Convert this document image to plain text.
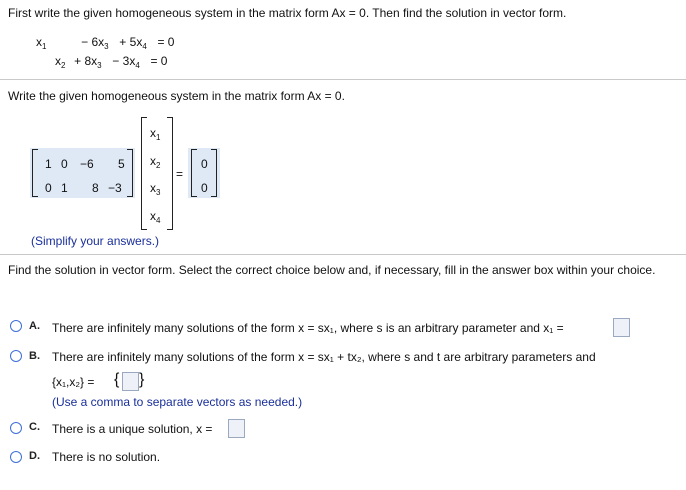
First write the given homogeneous system in the matrix form Ax = 0. Then find the solution in vector form.
$x_1$	− $6x_3 + 5x_4 = 0$
$x_2 + 8x_3 - 3x_4 = 0$
Write the given homogeneous system in the matrix form Ax = 0.
1 0 −6 5
0 1 8 −3
$x_1$
$x_2$
$x_3$
$x_4$
=
0
0
(Simplify your answers.)
Find the solution in vector form. Select the correct choice below and, if necessary, fill in the answer box within your choice.
A. There are infinitely many solutions of the form x = sx₁, where s is an arbitrary parameter and x₁ =
B. There are infinitely many solutions of the form x = sx₁ + tx₂, where s and t are arbitrary parameters and
{x₁,x₂} = { }
(Use a comma to separate vectors as needed.)
C. There is a unique solution, x =
D. There is no solution.
